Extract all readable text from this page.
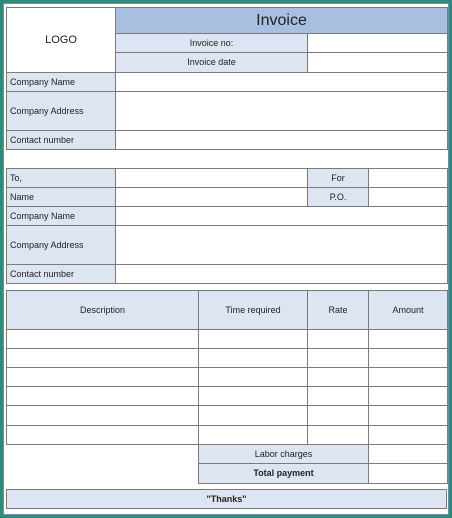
LOGO
Invoice
Invoice no:
Invoice date
Company Name
Company Address
Contact number
To,	For
Name	P.O.
Company Name
Company Address
Contact number
Description	Time required	Rate	Amount
Labor charges
Total payment
"Thanks"
